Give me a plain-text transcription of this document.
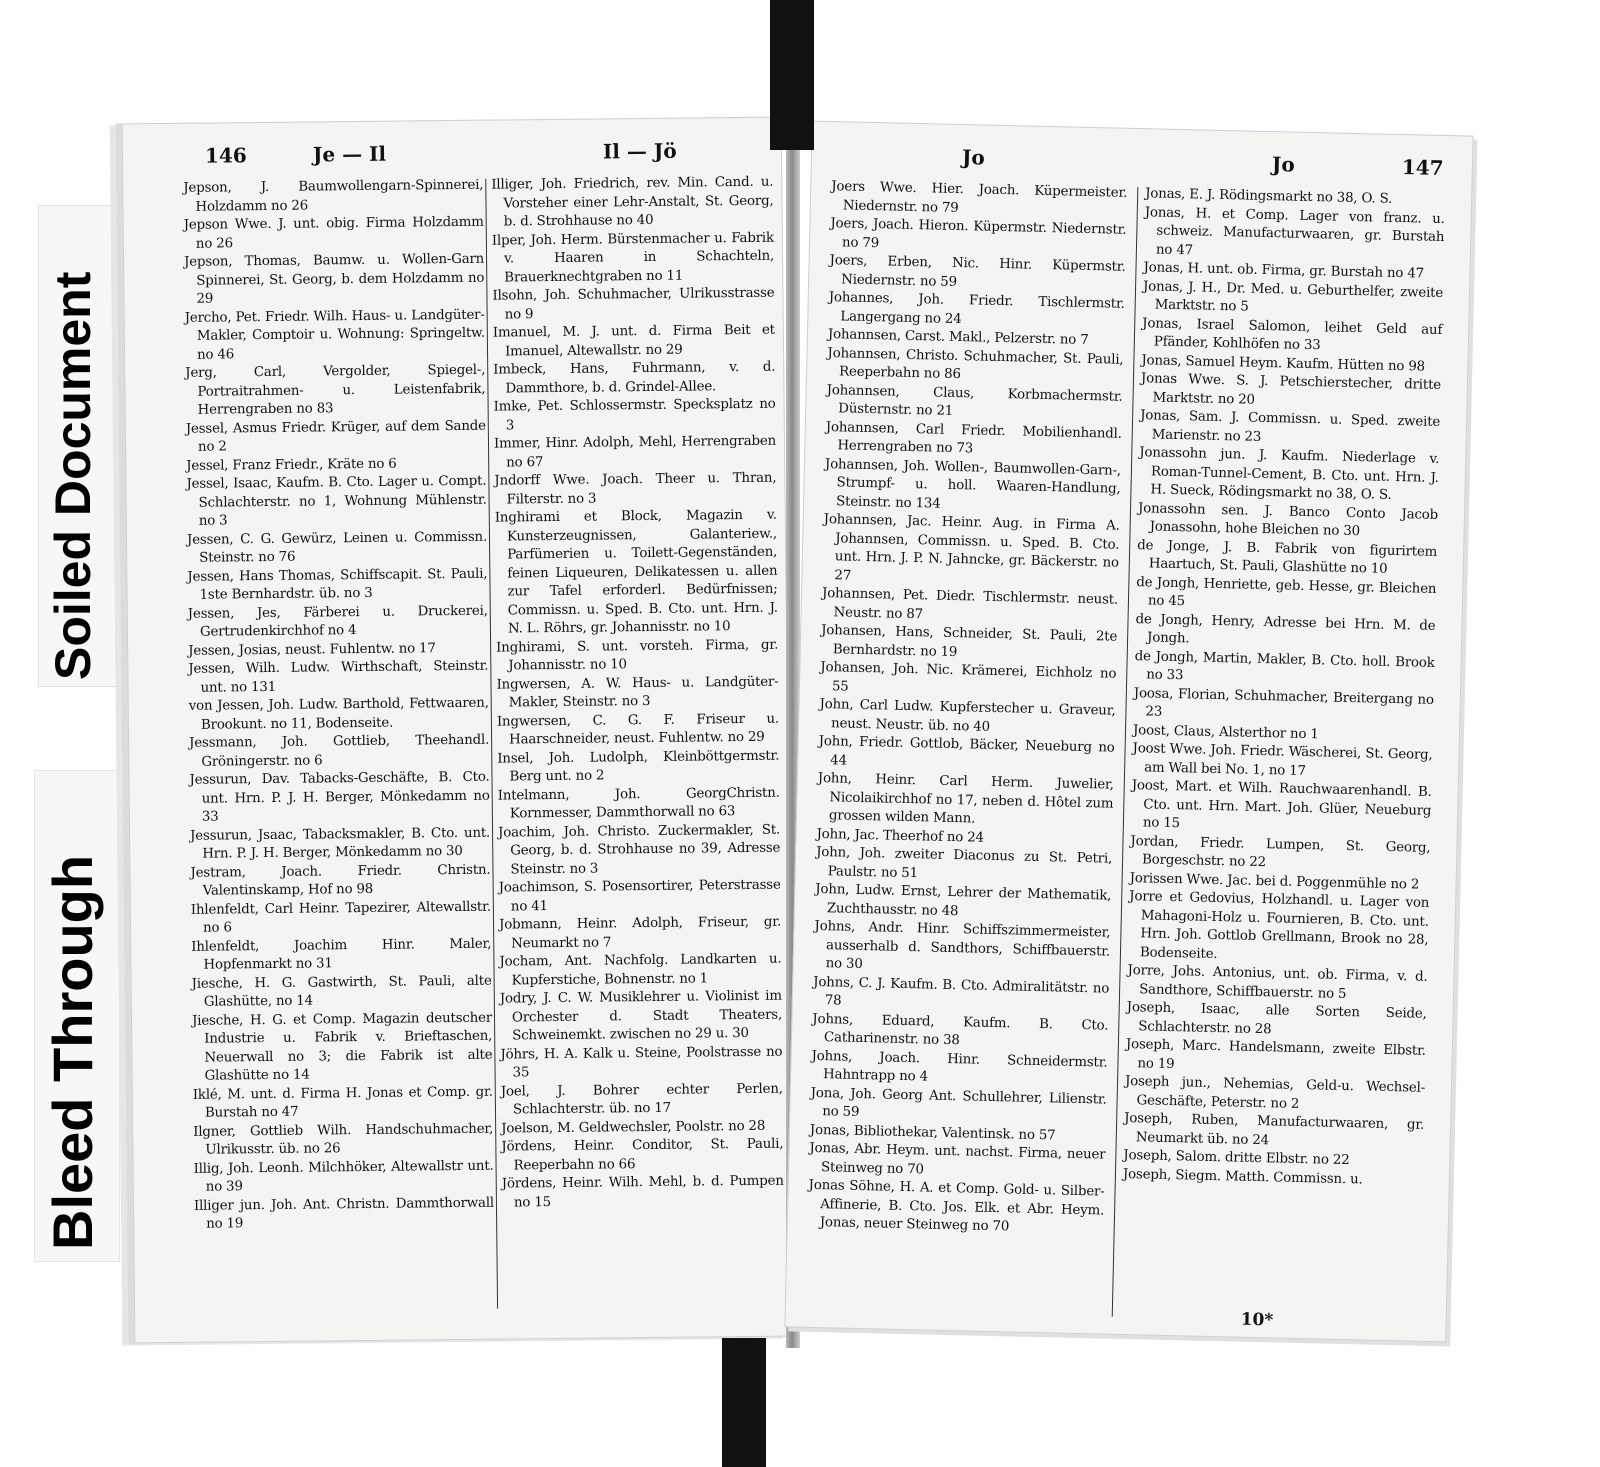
Soiled Document
Bleed Through
146	Je — Il	Il — Jö
Jepson, J. Baumwollengarn-Spinnerei, Holzdamm no 26
Jepson Wwe. J. unt. obig. Firma Holzdamm no 26
Jepson, Thomas, Baumw. u. Wollen-Garn Spinnerei, St. Georg, b. dem Holzdamm no 29
Jercho, Pet. Friedr. Wilh. Haus- u. Landgüter-Makler, Comptoir u. Wohnung: Springeltw. no 46
Jerg, Carl, Vergolder, Spiegel-, Portraitrahmen- u. Leistenfabrik, Herrengraben no 83
Jessel, Asmus Friedr. Krüger, auf dem Sande no 2
Jessel, Franz Friedr., Kräte no 6
Jessel, Isaac, Kaufm. B. Cto. Lager u. Compt. Schlachterstr. no 1, Wohnung Mühlenstr. no 3
Jessen, C. G. Gewürz, Leinen u. Commissn. Steinstr. no 76
Jessen, Hans Thomas, Schiffscapit. St. Pauli, 1ste Bernhardstr. üb. no 3
Jessen, Jes, Färberei u. Druckerei, Gertrudenkirchhof no 4
Jessen, Josias, neust. Fuhlentw. no 17
Jessen, Wilh. Ludw. Wirthschaft, Steinstr. unt. no 131
von Jessen, Joh. Ludw. Barthold, Fettwaaren, Brookunt. no 11, Bodenseite.
Jessmann, Joh. Gottlieb, Theehandl. Gröningerstr. no 6
Jessurun, Dav. Tabacks-Geschäfte, B. Cto. unt. Hrn. P. J. H. Berger, Mönkedamm no 33
Jessurun, Jsaac, Tabacksmakler, B. Cto. unt. Hrn. P. J. H. Berger, Mönkedamm no 30
Jestram, Joach. Friedr. Christn. Valentinskamp, Hof no 98
Ihlenfeldt, Carl Heinr. Tapezirer, Altewallstr. no 6
Ihlenfeldt, Joachim Hinr. Maler, Hopfenmarkt no 31
Jiesche, H. G. Gastwirth, St. Pauli, alte Glashütte, no 14
Jiesche, H. G. et Comp. Magazin deutscher Industrie u. Fabrik v. Brieftaschen, Neuerwall no 3; die Fabrik ist alte Glashütte no 14
Iklé, M. unt. d. Firma H. Jonas et Comp. gr. Burstah no 47
Ilgner, Gottlieb Wilh. Handschuhmacher, Ulrikusstr. üb. no 26
Illig, Joh. Leonh. Milchhöker, Altewallstr unt. no 39
Illiger jun. Joh. Ant. Christn. Dammthorwall no 19
Illiger, Joh. Friedrich, rev. Min. Cand. u. Vorsteher einer Lehr-Anstalt, St. Georg, b. d. Strohhause no 40
Ilper, Joh. Herm. Bürstenmacher u. Fabrik v. Haaren in Schachteln, Brauerknechtgraben no 11
Ilsohn, Joh. Schuhmacher, Ulrikusstrasse no 9
Imanuel, M. J. unt. d. Firma Beit et Imanuel, Altewallstr. no 29
Imbeck, Hans, Fuhrmann, v. d. Dammthore, b. d. Grindel-Allee.
Imke, Pet. Schlossermstr. Specksplatz no 3
Immer, Hinr. Adolph, Mehl, Herrengraben no 67
Jndorff Wwe. Joach. Theer u. Thran, Filterstr. no 3
Inghirami et Block, Magazin v. Kunsterzeugnissen, Galanteriew., Parfümerien u. Toilett-Gegenständen, feinen Liqueuren, Delikatessen u. allen zur Tafel erforderl. Bedürfnissen; Commissn. u. Sped. B. Cto. unt. Hrn. J. N. L. Röhrs, gr. Johannisstr. no 10
Inghirami, S. unt. vorsteh. Firma, gr. Johannisstr. no 10
Ingwersen, A. W. Haus- u. Landgüter-Makler, Steinstr. no 3
Ingwersen, C. G. F. Friseur u. Haarschneider, neust. Fuhlentw. no 29
Insel, Joh. Ludolph, Kleinböttgermstr. Berg unt. no 2
Intelmann, Joh. GeorgChristn. Kornmesser, Dammthorwall no 63
Joachim, Joh. Christo. Zuckermakler, St. Georg, b. d. Strohhause no 39, Adresse Steinstr. no 3
Joachimson, S. Posensortirer, Peterstrasse no 41
Jobmann, Heinr. Adolph, Friseur, gr. Neumarkt no 7
Jocham, Ant. Nachfolg. Landkarten u. Kupferstiche, Bohnenstr. no 1
Jodry, J. C. W. Musiklehrer u. Violinist im Orchester d. Stadt Theaters, Schweinemkt. zwischen no 29 u. 30
Jöhrs, H. A. Kalk u. Steine, Poolstrasse no 35
Joel, J. Bohrer echter Perlen, Schlachterstr. üb. no 17
Joelson, M. Geldwechsler, Poolstr. no 28
Jördens, Heinr. Conditor, St. Pauli, Reeperbahn no 66
Jördens, Heinr. Wilh. Mehl, b. d. Pumpen no 15
Jo	Jo	147
Joers Wwe. Hier. Joach. Küpermeister. Niedernstr. no 79
Joers, Joach. Hieron. Küpermstr. Niedernstr. no 79
Joers, Erben, Nic. Hinr. Küpermstr. Niedernstr. no 59
Johannes, Joh. Friedr. Tischlermstr. Langergang no 24
Johannsen, Carst. Makl., Pelzerstr. no 7
Johannsen, Christo. Schuhmacher, St. Pauli, Reeperbahn no 86
Johannsen, Claus, Korbmachermstr. Düsternstr. no 21
Johannsen, Carl Friedr. Mobilienhandl. Herrengraben no 73
Johannsen, Joh. Wollen-, Baumwollen-Garn-, Strumpf- u. holl. Waaren-Handlung, Steinstr. no 134
Johannsen, Jac. Heinr. Aug. in Firma A. Johannsen, Commissn. u. Sped. B. Cto. unt. Hrn. J. P. N. Jahncke, gr. Bäckerstr. no 27
Johannsen, Pet. Diedr. Tischlermstr. neust. Neustr. no 87
Johansen, Hans, Schneider, St. Pauli, 2te Bernhardstr. no 19
Johansen, Joh. Nic. Krämerei, Eichholz no 55
John, Carl Ludw. Kupferstecher u. Graveur, neust. Neustr. üb. no 40
John, Friedr. Gottlob, Bäcker, Neueburg no 44
John, Heinr. Carl Herm. Juwelier, Nicolaikirchhof no 17, neben d. Hôtel zum grossen wilden Mann.
John, Jac. Theerhof no 24
John, Joh. zweiter Diaconus zu St. Petri, Paulstr. no 51
John, Ludw. Ernst, Lehrer der Mathematik, Zuchthausstr. no 48
Johns, Andr. Hinr. Schiffszimmermeister, ausserhalb d. Sandthors, Schiffbauerstr. no 30
Johns, C. J. Kaufm. B. Cto. Admiralitätstr. no 78
Johns, Eduard, Kaufm. B. Cto. Catharinenstr. no 38
Johns, Joach. Hinr. Schneidermstr. Hahntrapp no 4
Jona, Joh. Georg Ant. Schullehrer, Lilienstr. no 59
Jonas, Bibliothekar, Valentinsk. no 57
Jonas, Abr. Heym. unt. nachst. Firma, neuer Steinweg no 70
Jonas Söhne, H. A. et Comp. Gold- u. Silber-Affinerie, B. Cto. Jos. Elk. et Abr. Heym. Jonas, neuer Steinweg no 70
Jonas, E. J. Rödingsmarkt no 38, O. S.
Jonas, H. et Comp. Lager von franz. u. schweiz. Manufacturwaaren, gr. Burstah no 47
Jonas, H. unt. ob. Firma, gr. Burstah no 47
Jonas, J. H., Dr. Med. u. Geburthelfer, zweite Marktstr. no 5
Jonas, Israel Salomon, leihet Geld auf Pfänder, Kohlhöfen no 33
Jonas, Samuel Heym. Kaufm. Hütten no 98
Jonas Wwe. S. J. Petschierstecher, dritte Marktstr. no 20
Jonas, Sam. J. Commissn. u. Sped. zweite Marienstr. no 23
Jonassohn jun. J. Kaufm. Niederlage v. Roman-Tunnel-Cement, B. Cto. unt. Hrn. J. H. Sueck, Rödingsmarkt no 38, O. S.
Jonassohn sen. J. Banco Conto Jacob Jonassohn, hohe Bleichen no 30
de Jonge, J. B. Fabrik von figurirtem Haartuch, St. Pauli, Glashütte no 10
de Jongh, Henriette, geb. Hesse, gr. Bleichen no 45
de Jongh, Henry, Adresse bei Hrn. M. de Jongh.
de Jongh, Martin, Makler, B. Cto. holl. Brook no 33
Joosa, Florian, Schuhmacher, Breitergang no 23
Joost, Claus, Alsterthor no 1
Joost Wwe. Joh. Friedr. Wäscherei, St. Georg, am Wall bei No. 1, no 17
Joost, Mart. et Wilh. Rauchwaarenhandl. B. Cto. unt. Hrn. Mart. Joh. Glüer, Neueburg no 15
Jordan, Friedr. Lumpen, St. Georg, Borgeschstr. no 22
Jorissen Wwe. Jac. bei d. Poggenmühle no 2
Jorre et Gedovius, Holzhandl. u. Lager von Mahagoni-Holz u. Fournieren, B. Cto. unt. Hrn. Joh. Gottlob Grellmann, Brook no 28, Bodenseite.
Jorre, Johs. Antonius, unt. ob. Firma, v. d. Sandthore, Schiffbauerstr. no 5
Joseph, Isaac, alle Sorten Seide, Schlachterstr. no 28
Joseph, Marc. Handelsmann, zweite Elbstr. no 19
Joseph jun., Nehemias, Geld-u. Wechsel-Geschäfte, Peterstr. no 2
Joseph, Ruben, Manufacturwaaren, gr. Neumarkt üb. no 24
Joseph, Salom. dritte Elbstr. no 22
Joseph, Siegm. Matth. Commissn. u.
10*
